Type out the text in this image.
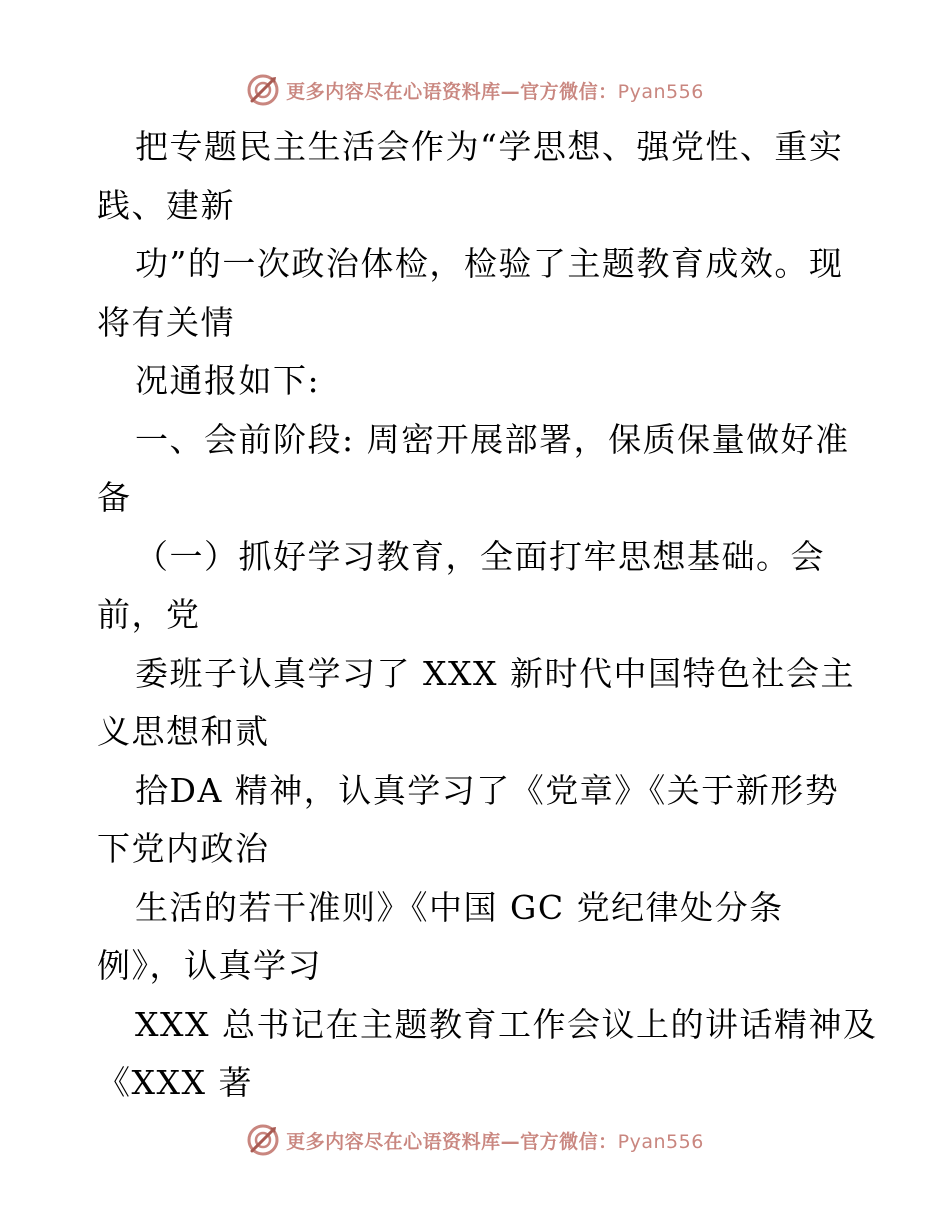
更多内容尽在心语资料库—官方微信：Pyan556
把专题民主生活会作为“学思想、强党性、重实
践、建新
功”的一次政治体检，检验了主题教育成效。现
将有关情
况通报如下:
一、会前阶段: 周密开展部署，保质保量做好准
备
（一）抓好学习教育，全面打牢思想基础。会
前，党
委班子认真学习了 XXX 新时代中国特色社会主
义思想和贰
拾DA 精神，认真学习了《党章》《关于新形势
下党内政治
生活的若干准则》《中国 GC 党纪律处分条
例》，认真学习
XXX 总书记在主题教育工作会议上的讲话精神及
《XXX 著
更多内容尽在心语资料库—官方微信：Pyan556
